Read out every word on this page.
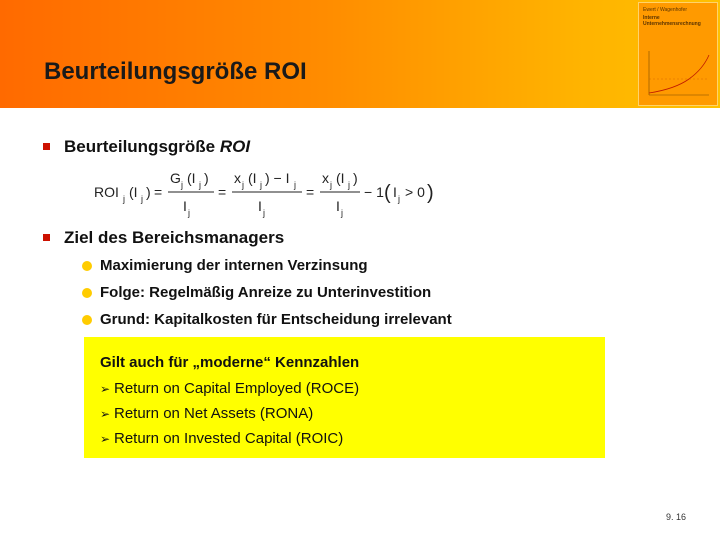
Beurteilungsgröße ROI
Ewert / Wagenhofer
Interne
Unternehmensrechnung
Beurteilungsgröße ROI
ROI j (I j ) =
G j (I j )
I j
=
x j (I j ) − I j
I j
=
x j (I j )
I j
− 1 ( I j > 0 )
Ziel des Bereichsmanagers
Maximierung der internen Verzinsung
Folge: Regelmäßig Anreize zu Unterinvestition
Grund: Kapitalkosten für Entscheidung irrelevant
Gilt auch für „moderne“ Kennzahlen
➢ Return on Capital Employed (ROCE)
➢ Return on Net Assets (RONA)
➢ Return on Invested Capital (ROIC)
9. 16
